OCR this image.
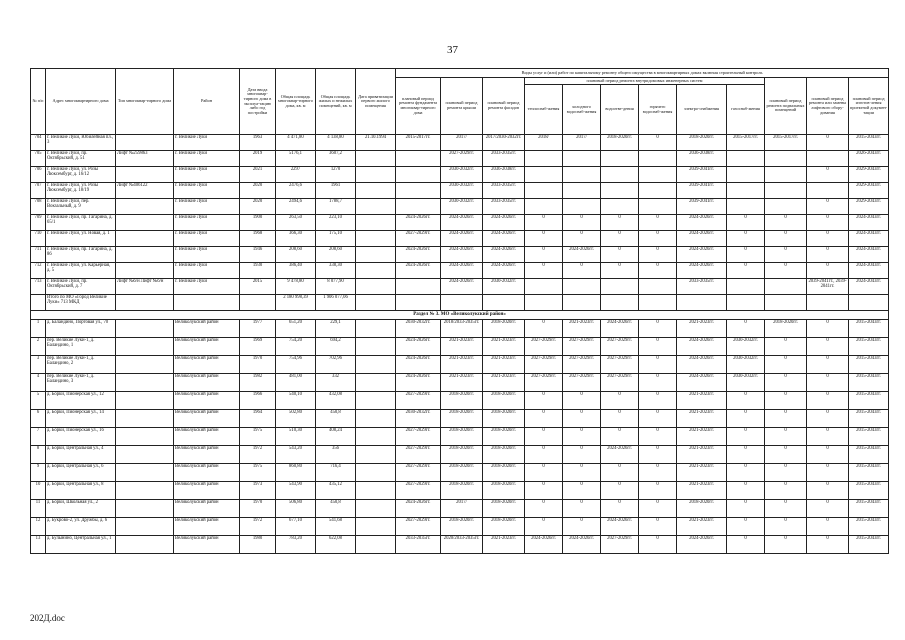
37
№ п/п	Адрес многоквартирного дома	Тип многоквар-тирного дома	Район	Дата ввода многоквар-тирного дома в эксплуа-тацию либо год постройки	Общая площадь многоквар-тирного дома, кв. м	Общая площадь жилых и нежилых помещений, кв. м	Дата приватизации первого жилого помещения	Виды услуг и (или) работ по капитальному ремонту общего имущества в многоквартирных домах включая строительный контроль											
								плановый период ремонта фундамента многоквар-тирного дома	плановый период ремонта крыши	плановый период ремонта фасадов	плановый период ремонта внутридомовых инженерных систем						плановый период ремонта подвальных помещений	плановый период ремонта или замены лифтового обору-дования	плановый период изготов-ления проектной докумен-тации
											теплоснаб-жения	холодного водоснаб-жения	водоотве-дения	горячего водоснаб-жения	электро-снабжения	газоснаб-жения			
704	г. Великие Луки, Юбилейная пл., 3		г. Великие Луки	1963	4 471,80	4 138,80	21.10.1994	2015-2017гг.	2017/	2017/2030-2032гг.	2018/	2017/	2018-2020гг.	0	2018-2020гг.	2015-2017гг.	2015-2017гг.	0	2015-2043гг.
705	г. Великие Луки, пр. Октябрьский, д. 51	Лифт №259863	г. Великие Луки	2019	5176,1	3607,2			2027-2029гг.	2033-2035гг.					2036-2038гг.				2026-2043гг.
706	г. Великие Луки, ул. Розы Люксембург, д. 16/12		г. Великие Луки	2021	2297	1270			2030-2032гг.	2036-2038гг.					2039-2041гг.			0	2029-2043гг.
707	г. Великие Луки, ул. Розы Люксембург, д. 18/19	Лифт №406122	г. Великие Луки	2020	2476,6	1961			2030-2032гг.	2033-2035гг.					2039-2041гг.				2029-2043гг.
708	г. Великие Луки, пер. Вокзальный, д. 9		г. Великие Луки	2020	2494,6	1788,7			2030-2032гг.	2033-2035гг.					2039-2041гг.			0	2029-2043гг.
709	г. Великие Луки, пр. Гагарина, д. 65/1		г. Великие Луки	1900	263,50	223,10		2024-2026гг.	2024-2026гг.	2024-2026гг.	0	0	0	0	2024-2026гг.	0	0	0	2024-2043гг.
710	г. Великие Луки, ул. Новая, д. 1		г. Великие Луки	1968	366,30	175,10		2027-2029гг.	2024-2026гг.	2024-2026гг.	0	0	0	0	2024-2026гг.	0	0	0	2024-2043гг.
711	г. Великие Луки, пр. Гагарина, д. 86		г. Великие Луки	1946	208,60	208,60		2024-2026гг.	2024-2026гг.	2024-2026гг.	0	2024-2026гг.	0	0	2024-2026гг.	0	0	0	2024-2043гг.
712	г. Великие Луки, ул. Карьерная, д. 5		г. Великие Луки	1930	386,40	338,30		2024-2026гг.	2024-2026гг.	2024-2026гг.	0	0	0	0	2024-2026гг.	0	0	0	2024-2043гг.
713	г. Великие Луки, пр. Октябрьский, д. 7	Лифт №б/н Лифт №б/н	г. Великие Луки	2015	9 478,80	8 077,90			2024-2026гг.	2030-2032гг.					2033-2035гг.			2039-2041гг., 2039-2041гг.	2024-2043гг.
	Итого по МО «Город Великие Луки» 713 МКД				2 180 998,39	1 906 077,06													
Раздел № 3. МО «Великолукский район»																			
1	д. Баландино, Портовая ул., 70		Великолукский район	1977	651,20	229,1		2030-2032гг.	2018/2033-2035гг.	2018-2020гг.	0	2021-2023гг.	2024-2026гг.	0	2021-2023гг.	0	2018-2020гг.	0	2015-2043гг.
2	пер. Великие Луки-1, д. Баландино, 1		Великолукский район	1969	754,20	694,2		2024-2026гг.	2021-2023гг.	2021-2023гг.	2027-2029гг.	2027-2029гг.	2027-2029гг.	0	2024-2026гг.	2030-2032гг.	0	0	2015-2043гг.
3	пер. Великие Луки-1, д. Баландино, 2		Великолукский район	1970	754,96	702,96		2024-2026гг.	2021-2023гг.	2021-2023гг.	2027-2029гг.	2027-2029гг.	2027-2029гг.	0	2024-2026гг.	2030-2032гг.	0	0	2015-2043гг.
4	пер. Великие Луки-1, д. Баландино, 3		Великолукский район	1982	481,00	332		2024-2026гг.	2021-2023гг.	2021-2023гг.	2027-2029гг.	2027-2029гг.	2027-2029гг.	0	2024-2026гг.	2030-2032гг.	0	0	2015-2043гг.
5	д. Борки, Пионерская ул., 12		Великолукский район	1966	540,10	432,08		2027-2029гг.	2018-2020гг.	2018-2020гг.	0	0	0	0	2021-2023гг.	0	0	0	2015-2043гг.
6	д. Борки, Пионерская ул., 14		Великолукский район	1964	502,80	450,8		2030-2032гг.	2018-2020гг.	2018-2020гг.	0	0	0	0	2021-2023гг.	0	0	0	2015-2043гг.
7	д. Борки, Пионерская ул., 16		Великолукский район	1975	510,30	408,24		2027-2029гг.	2018-2020гг.	2018-2020гг.	0	0	0	0	2021-2023гг.	0	0	0	2015-2043гг.
8	д. Борки, Центральная ул., 4		Великолукский район	1972	543,20	356		2027-2029гг.	2018-2020гг.	2018-2020гг.	0	0	2024-2026гг.	0	2021-2023гг.	0	0	0	2015-2043гг.
9	д. Борки, Центральная ул., 6		Великолукский район	1975	860,80	716,4		2027-2029гг.	2018-2020гг.	2018-2020гг.	0	0	0	0	2021-2023гг.	0	0	0	2015-2043гг.
10	д. Борки, Центральная ул., 8		Великолукский район	1973	543,90	435,12		2027-2029гг.	2018-2020гг.	2018-2020гг.	0	0	0	0	2021-2023гг.	0	0	0	2015-2043гг.
11	д. Борки, Школьная ул., 2		Великолукский район	1970	506,80	450,8		2024-2026гг.	2017/	2018-2020гг.	0	0	0	0	2018-2020гг.	0	0	0	2015-2043гг.
12	д. Букрово-2, ул. Дружбы, д. 6		Великолукский район	1972	677,10	541,68		2027-2029гг.	2018-2020гг.	2018-2020гг.	0	0	2024-2026гг.	0	2021-2023гг.	0	0	0	2015-2043гг.
13	д. Булынино, Центральная ул., 1		Великолукский район	1980	783,20	622,08		2033-2035гг.	2020/2033-2035гг.	2021-2023гг.	2024-2026гг.	2024-2026гг.	2027-2029гг.	0	2024-2026гг.	0	0	0	2015-2043гг.
202Д.doc
